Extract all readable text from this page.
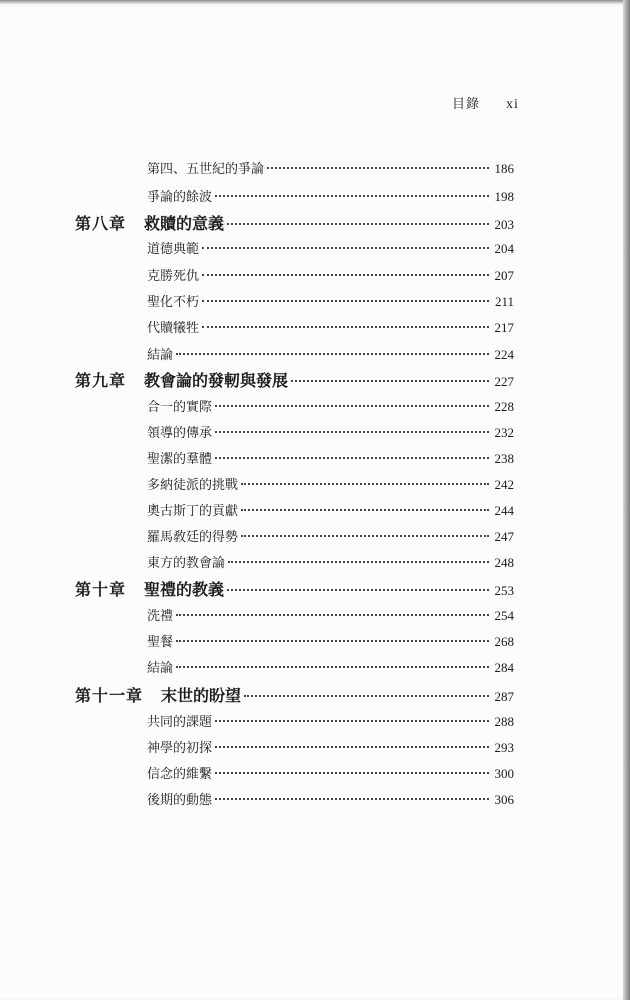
目錄 xi
第四、五世紀的爭論	186
爭論的餘波	198
第八章 救贖的意義	203
道德典範	204
克勝死仇	207
聖化不朽	211
代贖犧牲	217
結論	224
第九章 教會論的發軔與發展	227
合一的實際	228
領導的傳承	232
聖潔的羣體	238
多納徒派的挑戰	242
奧古斯丁的貢獻	244
羅馬敎廷的得勢	247
東方的教會論	248
第十章 聖禮的教義	253
洗禮	254
聖餐	268
結論	284
第十一章 末世的盼望	287
共同的課題	288
神學的初探	293
信念的維繫	300
後期的動態	306
